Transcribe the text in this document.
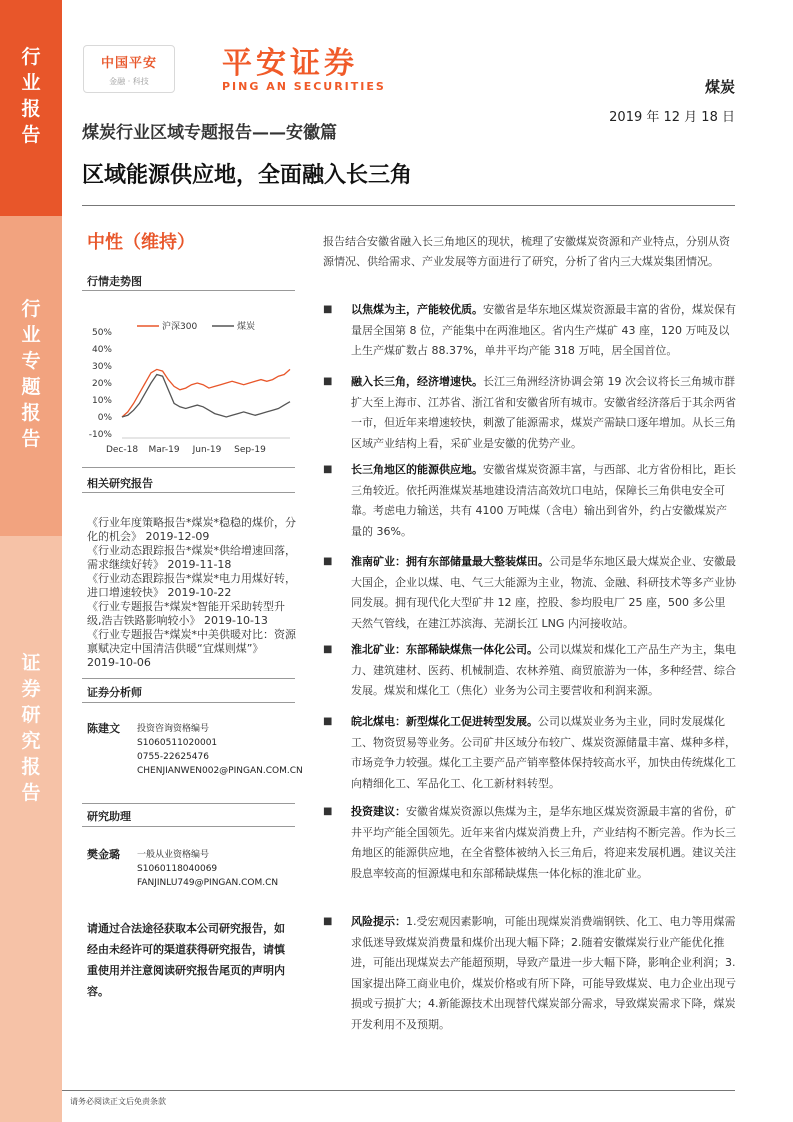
行业报告
行业专题报告
证券研究报告
中国平安
金融 · 科技
平安证券
PING AN SECURITIES	煤炭
2019 年 12 月 18 日
煤炭行业区域专题报告——安徽篇
区域能源供应地，全面融入长三角
中性（维持）
行情走势图
50%
40%
30%
20%
10%
0%
-10%
Dec-18 Mar-19 Jun-19 Sep-19
沪深300	煤炭
相关研究报告
《行业年度策略报告*煤炭*稳稳的煤价，分化的机会》 2019-12-09
《行业动态跟踪报告*煤炭*供给增速回落，需求继续好转》 2019-11-18
《行业动态跟踪报告*煤炭*电力用煤好转，进口增速较快》 2019-10-22
《行业专题报告*煤炭*智能开采助转型升级,浩吉铁路影响较小》 2019-10-13
《行业专题报告*煤炭*中美供暖对比：资源禀赋决定中国清洁供暖“宜煤则煤”》 2019-10-06
证券分析师
陈建文	投资咨询资格编号
S1060511020001
0755-22625476
CHENJIANWEN002@PINGAN.COM.CN
研究助理
樊金璐	一般从业资格编号
S1060118040069
FANJINLU749@PINGAN.COM.CN
请通过合法途径获取本公司研究报告，如经由未经许可的渠道获得研究报告，请慎重使用并注意阅读研究报告尾页的声明内容。
报告结合安徽省融入长三角地区的现状，梳理了安徽煤炭资源和产业特点，分别从资源情况、供给需求、产业发展等方面进行了研究，分析了省内三大煤炭集团情况。
■ 以焦煤为主，产能较优质。安徽省是华东地区煤炭资源最丰富的省份，煤炭保有量居全国第 8 位，产能集中在两淮地区。省内生产煤矿 43 座，120 万吨及以上生产煤矿数占 88.37%，单井平均产能 318 万吨，居全国首位。
■ 融入长三角，经济增速快。长江三角洲经济协调会第 19 次会议将长三角城市群扩大至上海市、江苏省、浙江省和安徽省所有城市。安徽省经济落后于其余两省一市，但近年来增速较快，刺激了能源需求，煤炭产需缺口逐年增加。从长三角区域产业结构上看，采矿业是安徽的优势产业。
■ 长三角地区的能源供应地。安徽省煤炭资源丰富，与西部、北方省份相比，距长三角较近。依托两淮煤炭基地建设清洁高效坑口电站，保障长三角供电安全可靠。考虑电力输送，共有 4100 万吨煤（含电）输出到省外，约占安徽煤炭产量的 36%。
■ 淮南矿业：拥有东部储量最大整装煤田。公司是华东地区最大煤炭企业、安徽最大国企，企业以煤、电、气三大能源为主业，物流、金融、科研技术等多产业协同发展。拥有现代化大型矿井 12 座，控股、参均股电厂 25 座，500 多公里天然气管线，在建江苏滨海、芜湖长江 LNG 内河接收站。
■ 淮北矿业：东部稀缺煤焦一体化公司。公司以煤炭和煤化工产品生产为主，集电力、建筑建材、医药、机械制造、农林养殖、商贸旅游为一体，多种经营、综合发展。煤炭和煤化工（焦化）业务为公司主要营收和利润来源。
■ 皖北煤电：新型煤化工促进转型发展。公司以煤炭业务为主业，同时发展煤化工、物资贸易等业务。公司矿井区域分布较广、煤炭资源储量丰富、煤种多样，市场竞争力较强。煤化工主要产品产销率整体保持较高水平，加快由传统煤化工向精细化工、军品化工、化工新材料转型。
■ 投资建议：安徽省煤炭资源以焦煤为主，是华东地区煤炭资源最丰富的省份，矿井平均产能全国领先。近年来省内煤炭消费上升，产业结构不断完善。作为长三角地区的能源供应地，在全省整体被纳入长三角后，将迎来发展机遇。建议关注股息率较高的恒源煤电和东部稀缺煤焦一体化标的淮北矿业。
■ 风险提示：1.受宏观因素影响，可能出现煤炭消费端钢铁、化工、电力等用煤需求低迷导致煤炭消费量和煤价出现大幅下降；2.随着安徽煤炭行业产能优化推进，可能出现煤炭去产能超预期，导致产量进一步大幅下降，影响企业利润；3.国家提出降工商业电价，煤炭价格或有所下降，可能导致煤炭、电力企业出现亏损或亏损扩大；4.新能源技术出现替代煤炭部分需求，导致煤炭需求下降，煤炭开发利用不及预期。
请务必阅读正文后免责条款
